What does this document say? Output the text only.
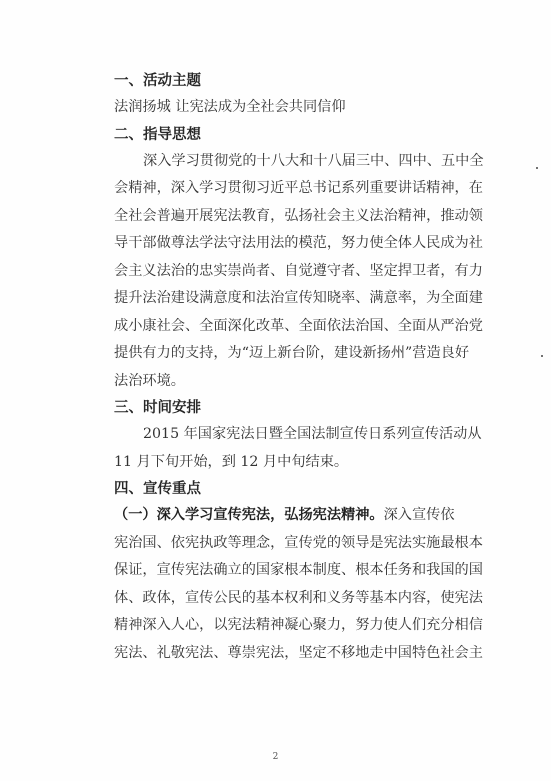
一、活动主题
法润扬城 让宪法成为全社会共同信仰
二、指导思想
深入学习贯彻党的十八大和十八届三中、四中、五中全
会精神，深入学习贯彻习近平总书记系列重要讲话精神，在
全社会普遍开展宪法教育，弘扬社会主义法治精神，推动领
导干部做尊法学法守法用法的模范，努力使全体人民成为社
会主义法治的忠实崇尚者、自觉遵守者、坚定捍卫者，有力
提升法治建设满意度和法治宣传知晓率、满意率，为全面建
成小康社会、全面深化改革、全面依法治国、全面从严治党
提供有力的支持，为“迈上新台阶，建设新扬州”营造良好
法治环境。
三、时间安排
2015 年国家宪法日暨全国法制宣传日系列宣传活动从
11 月下旬开始，到 12 月中旬结束。
四、宣传重点
（一）深入学习宣传宪法，弘扬宪法精神。深入宣传依
宪治国、依宪执政等理念，宣传党的领导是宪法实施最根本
保证，宣传宪法确立的国家根本制度、根本任务和我国的国
体、政体，宣传公民的基本权利和义务等基本内容，使宪法
精神深入人心，以宪法精神凝心聚力，努力使人们充分相信
宪法、礼敬宪法、尊崇宪法，坚定不移地走中国特色社会主
2
